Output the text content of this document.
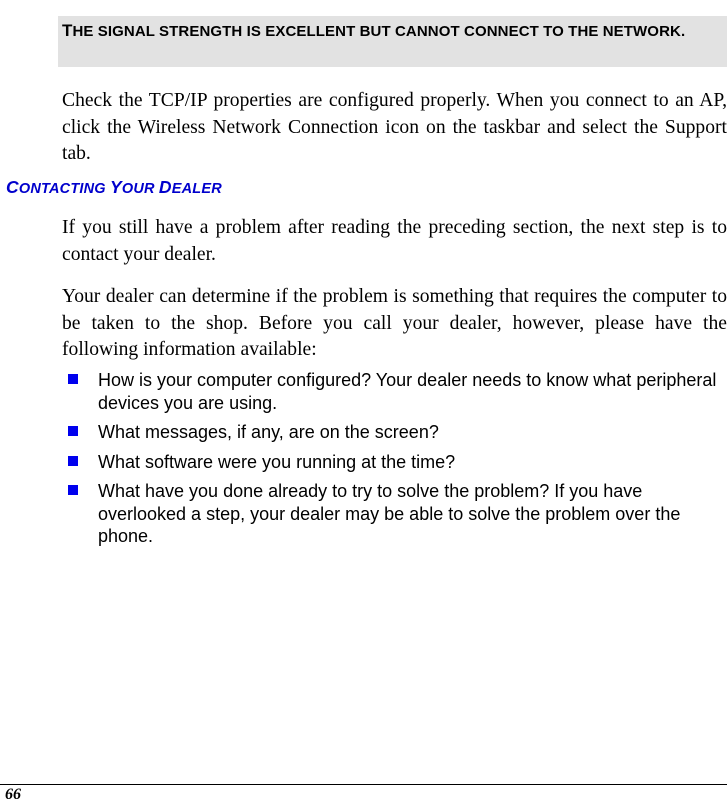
THE SIGNAL STRENGTH IS EXCELLENT BUT CANNOT CONNECT TO THE NETWORK.

Check the TCP/IP properties are configured properly. When you connect to an AP, click the Wireless Network Connection icon on the taskbar and select the Support tab.

CONTACTING YOUR DEALER

If you still have a problem after reading the preceding section, the next step is to contact your dealer.

Your dealer can determine if the problem is something that requires the computer to be taken to the shop. Before you call your dealer, however, please have the following information available:

How is your computer configured? Your dealer needs to know what peripheral devices you are using.
What messages, if any, are on the screen?
What software were you running at the time?
What have you done already to try to solve the problem? If you have overlooked a step, your dealer may be able to solve the problem over the phone.

66
